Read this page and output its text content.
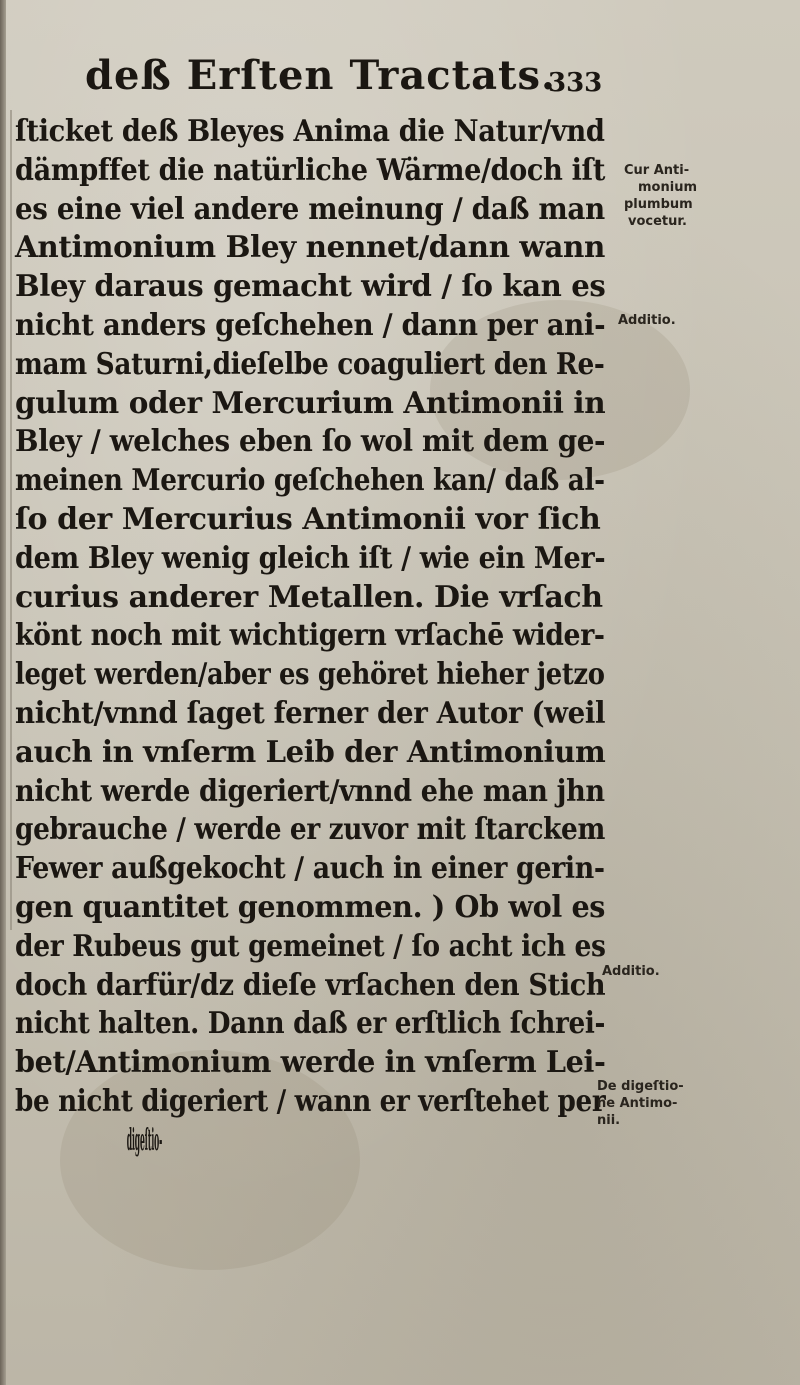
deß Erſten Tractats.
333
ſticket deß Bleyes Anima die Natur/vnd
dämpffet die natürliche Wärme/doch iſt
es eine viel andere meinung / daß man
Antimonium Bley nennet/dann wann
Bley daraus gemacht wird / ſo kan es
nicht anders geſchehen / dann per ani-
mam Saturni,dieſelbe coaguliert den Re-
gulum oder Mercurium Antimonii in
Bley / welches eben ſo wol mit dem ge-
meinen Mercurio geſchehen kan/ daß al-
ſo der Mercurius Antimonii vor ſich
dem Bley wenig gleich iſt / wie ein Mer-
curius anderer Metallen. Die vrſach
könt noch mit wichtigern vrſachē wider-
leget werden/aber es gehöret hieher jetzo
nicht/vnnd ſaget ferner der Autor (weil
auch in vnſerm Leib der Antimonium
nicht werde digeriert/vnnd ehe man jhn
gebrauche / werde er zuvor mit ſtarckem
Fewer außgekocht / auch in einer gerin-
gen quantitet genommen. ) Ob wol es
der Rubeus gut gemeinet / ſo acht ich es
doch darfür/dz dieſe vrſachen den Stich
nicht halten. Dann daß er erſtlich ſchrei-
bet/Antimonium werde in vnſerm Lei-
be nicht digeriert / wann er verſtehet per
digeſtio-
Cur Anti-
monium
plumbum
vocetur.
Additio.
Additio.
De digeſtio-
ne Antimo-
nii.
